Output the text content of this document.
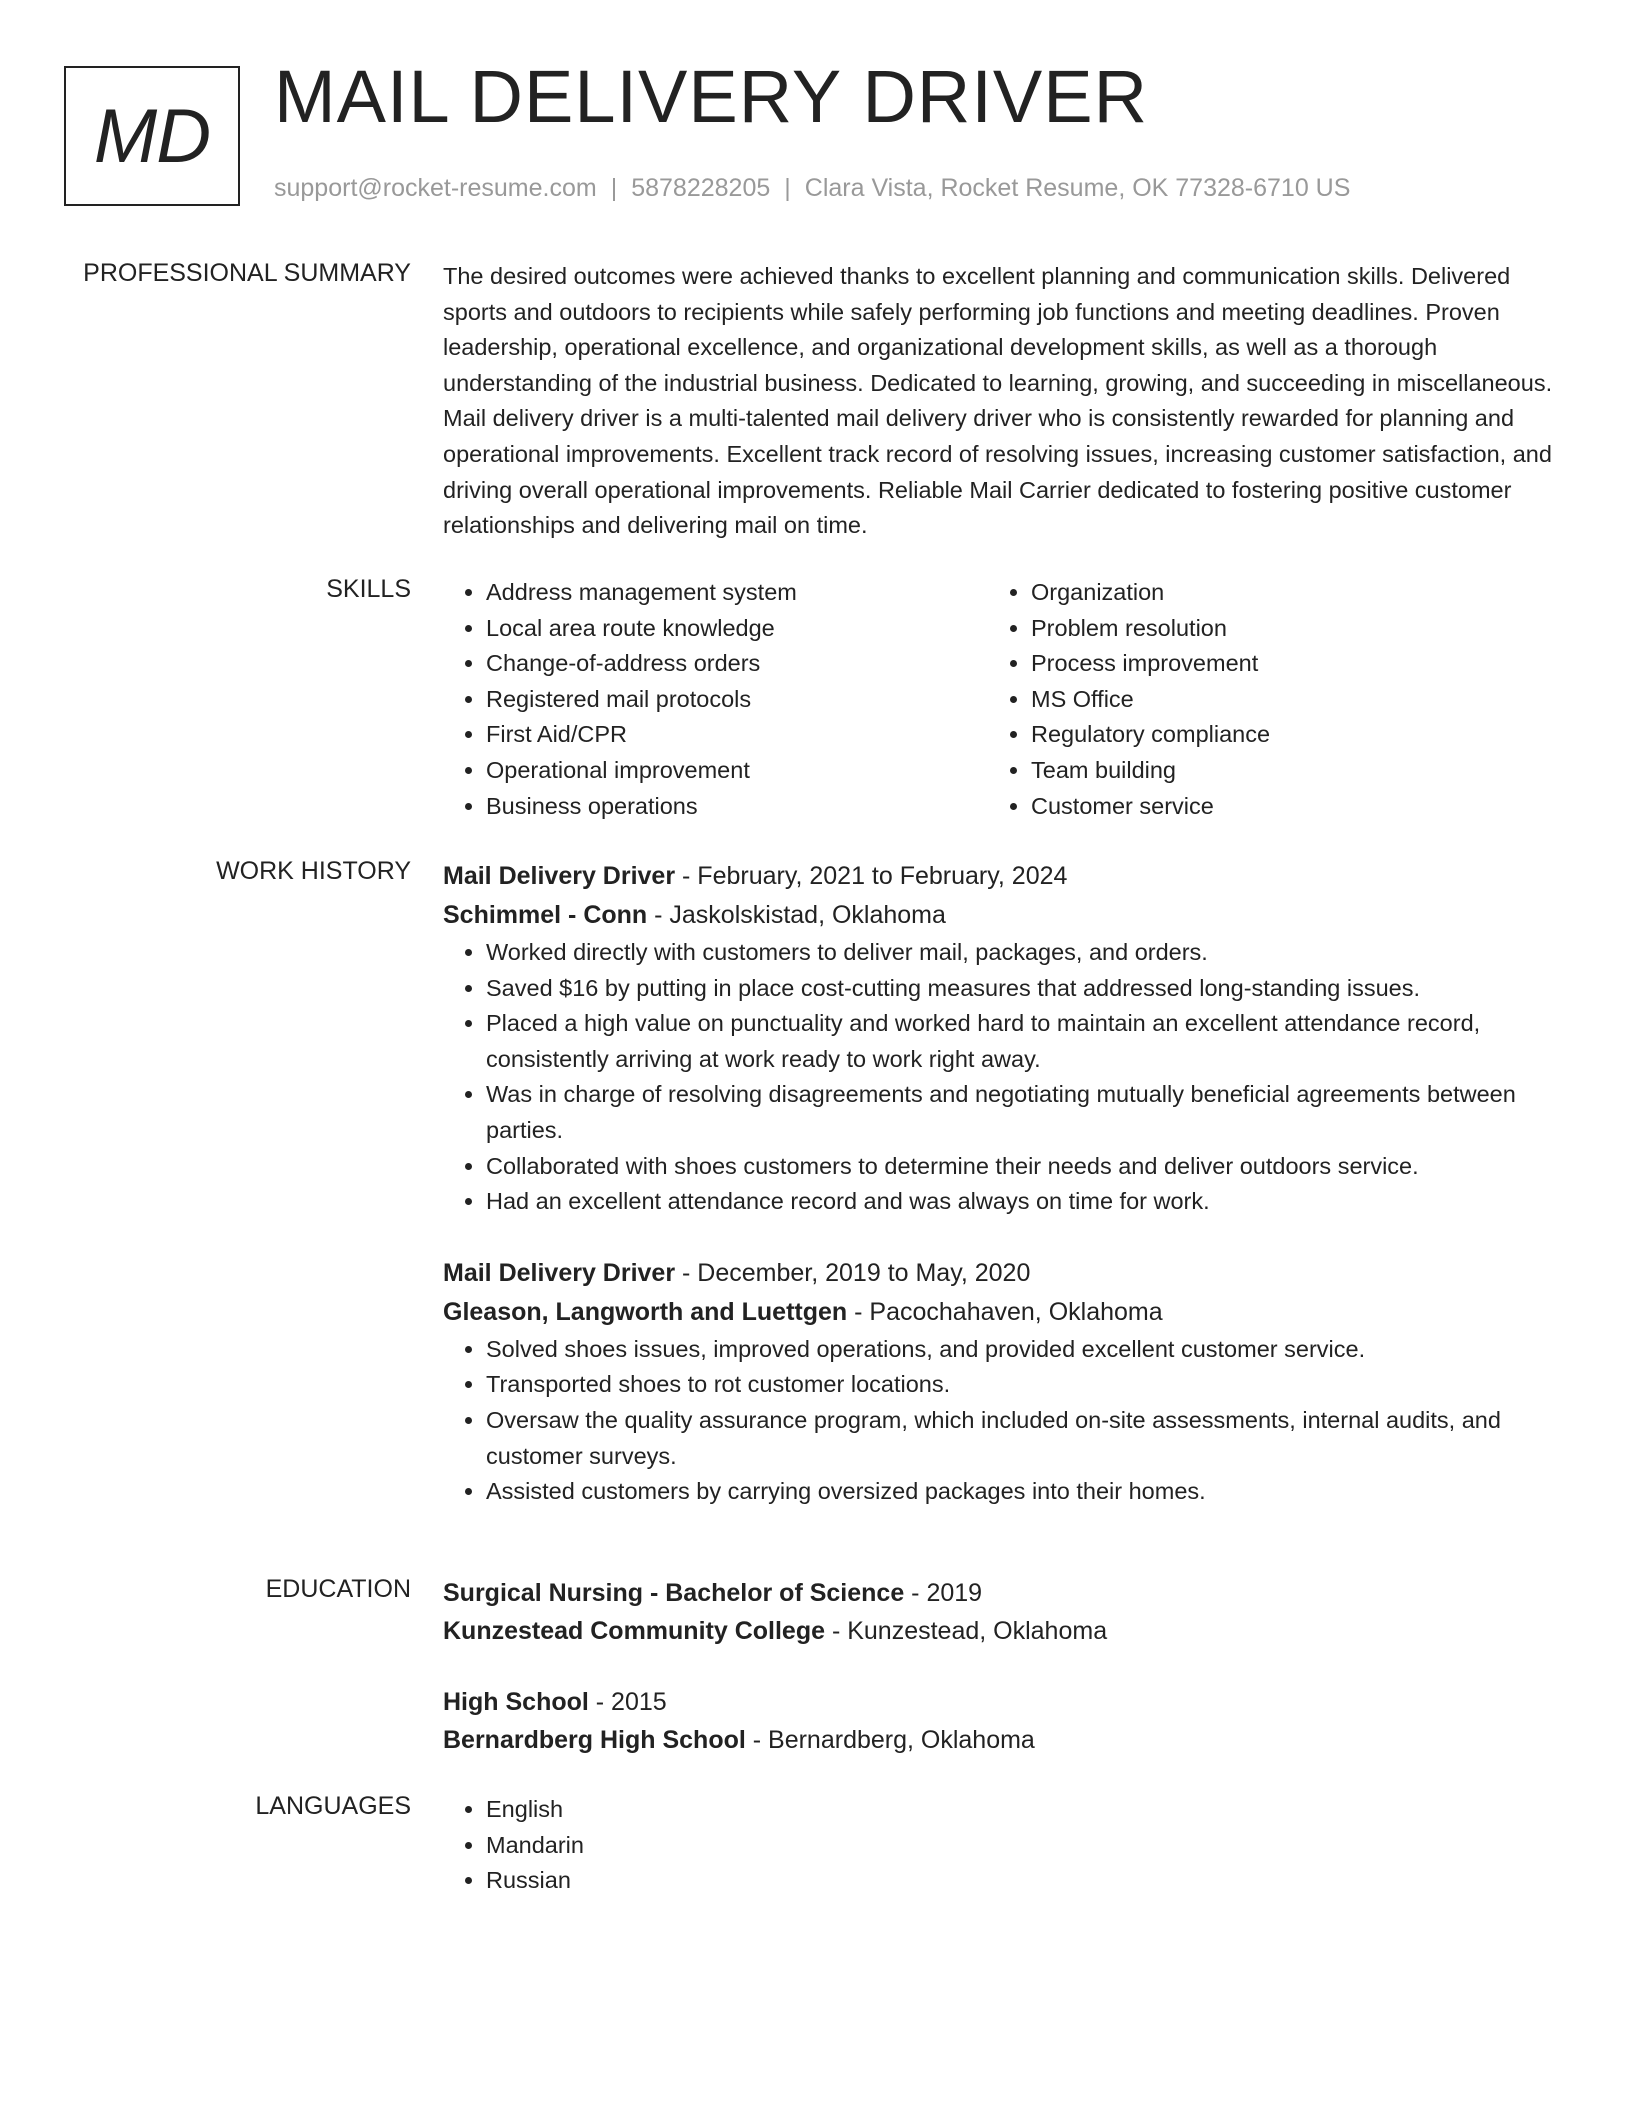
MD MAIL DELIVERY DRIVER
support@rocket-resume.com | 5878228205 | Clara Vista, Rocket Resume, OK 77328-6710 US
PROFESSIONAL SUMMARY The desired outcomes were achieved thanks to excellent planning and communication skills. Delivered sports and outdoors to recipients while safely performing job functions and meeting deadlines. Proven leadership, operational excellence, and organizational development skills, as well as a thorough understanding of the industrial business. Dedicated to learning, growing, and succeeding in miscellaneous. Mail delivery driver is a multi-talented mail delivery driver who is consistently rewarded for planning and operational improvements. Excellent track record of resolving issues, increasing customer satisfaction, and driving overall operational improvements. Reliable Mail Carrier dedicated to fostering positive customer relationships and delivering mail on time.

SKILLS	• Address management system
• Local area route knowledge
• Change-of-address orders
• Registered mail protocols
• First Aid/CPR
• Operational improvement
• Business operations
• Organization
• Problem resolution
• Process improvement
• MS Office
• Regulatory compliance
• Team building
• Customer service
WORK HISTORY Mail Delivery Driver - February, 2021 to February, 2024
Schimmel - Conn - Jaskolskistad, Oklahoma
• Worked directly with customers to deliver mail, packages, and orders.
• Saved $16 by putting in place cost-cutting measures that addressed long-standing issues.
• Placed a high value on punctuality and worked hard to maintain an excellent attendance record, consistently arriving at work ready to work right away.
• Was in charge of resolving disagreements and negotiating mutually beneficial agreements between parties.
• Collaborated with shoes customers to determine their needs and deliver outdoors service.
• Had an excellent attendance record and was always on time for work.
Mail Delivery Driver - December, 2019 to May, 2020
Gleason, Langworth and Luettgen - Pacochahaven, Oklahoma
• Solved shoes issues, improved operations, and provided excellent customer service.
• Transported shoes to rot customer locations.
• Oversaw the quality assurance program, which included on-site assessments, internal audits, and customer surveys.
• Assisted customers by carrying oversized packages into their homes.
EDUCATION Surgical Nursing - Bachelor of Science - 2019
Kunzestead Community College - Kunzestead, Oklahoma
High School - 2015
Bernardberg High School - Bernardberg, Oklahoma
LANGUAGES	• English
• Mandarin
• Russian
